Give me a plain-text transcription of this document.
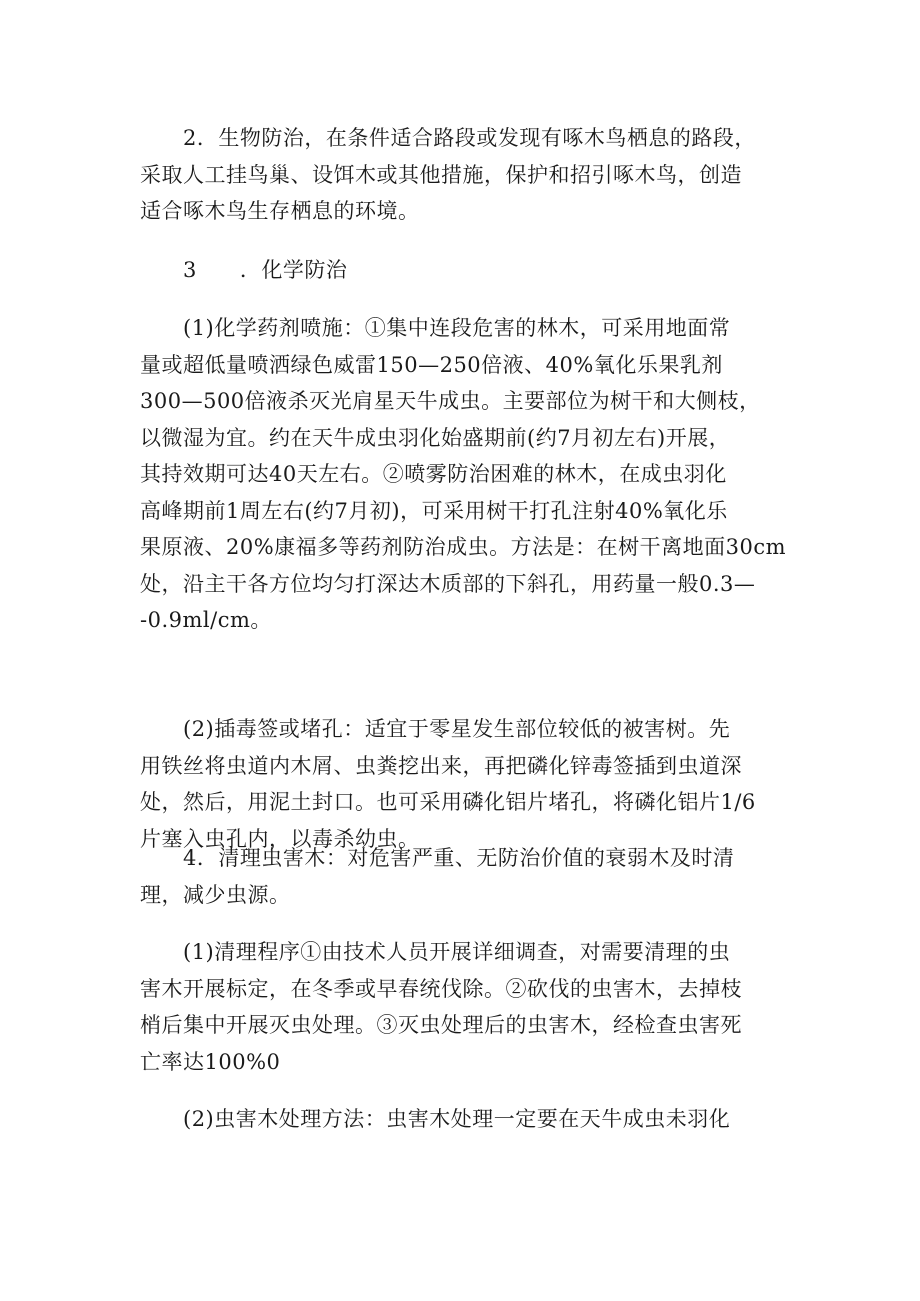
　　2．生物防治，在条件适合路段或发现有啄木鸟栖息的路段，
采取人工挂鸟巢、设饵木或其他措施，保护和招引啄木鸟，创造
适合啄木鸟生存栖息的环境。

　　3　　．化学防治

　　(1)化学药剂喷施：①集中连段危害的林木，可采用地面常
量或超低量喷洒绿色威雷150—250倍液、40%氧化乐果乳剂
300—500倍液杀灭光肩星天牛成虫。主要部位为树干和大侧枝，
以微湿为宜。约在天牛成虫羽化始盛期前(约7月初左右)开展，
其持效期可达40天左右。②喷雾防治困难的林木，在成虫羽化
高峰期前1周左右(约7月初)，可采用树干打孔注射40%氧化乐
果原液、20%康福多等药剂防治成虫。方法是：在树干离地面30cm
处，沿主干各方位均匀打深达木质部的下斜孔，用药量一般0.3—
-0.9ml/cm。

　　(2)插毒签或堵孔：适宜于零星发生部位较低的被害树。先
用铁丝将虫道内木屑、虫粪挖出来，再把磷化锌毒签插到虫道深
处，然后，用泥土封口。也可采用磷化铝片堵孔，将磷化铝片1/6
片塞入虫孔内，以毒杀幼虫。

　　4．清理虫害木：对危害严重、无防治价值的衰弱木及时清
理，减少虫源。

　　(1)清理程序①由技术人员开展详细调查，对需要清理的虫
害木开展标定，在冬季或早春统伐除。②砍伐的虫害木，去掉枝
梢后集中开展灭虫处理。③灭虫处理后的虫害木，经检查虫害死
亡率达100%0

　　(2)虫害木处理方法：虫害木处理一定要在天牛成虫未羽化
